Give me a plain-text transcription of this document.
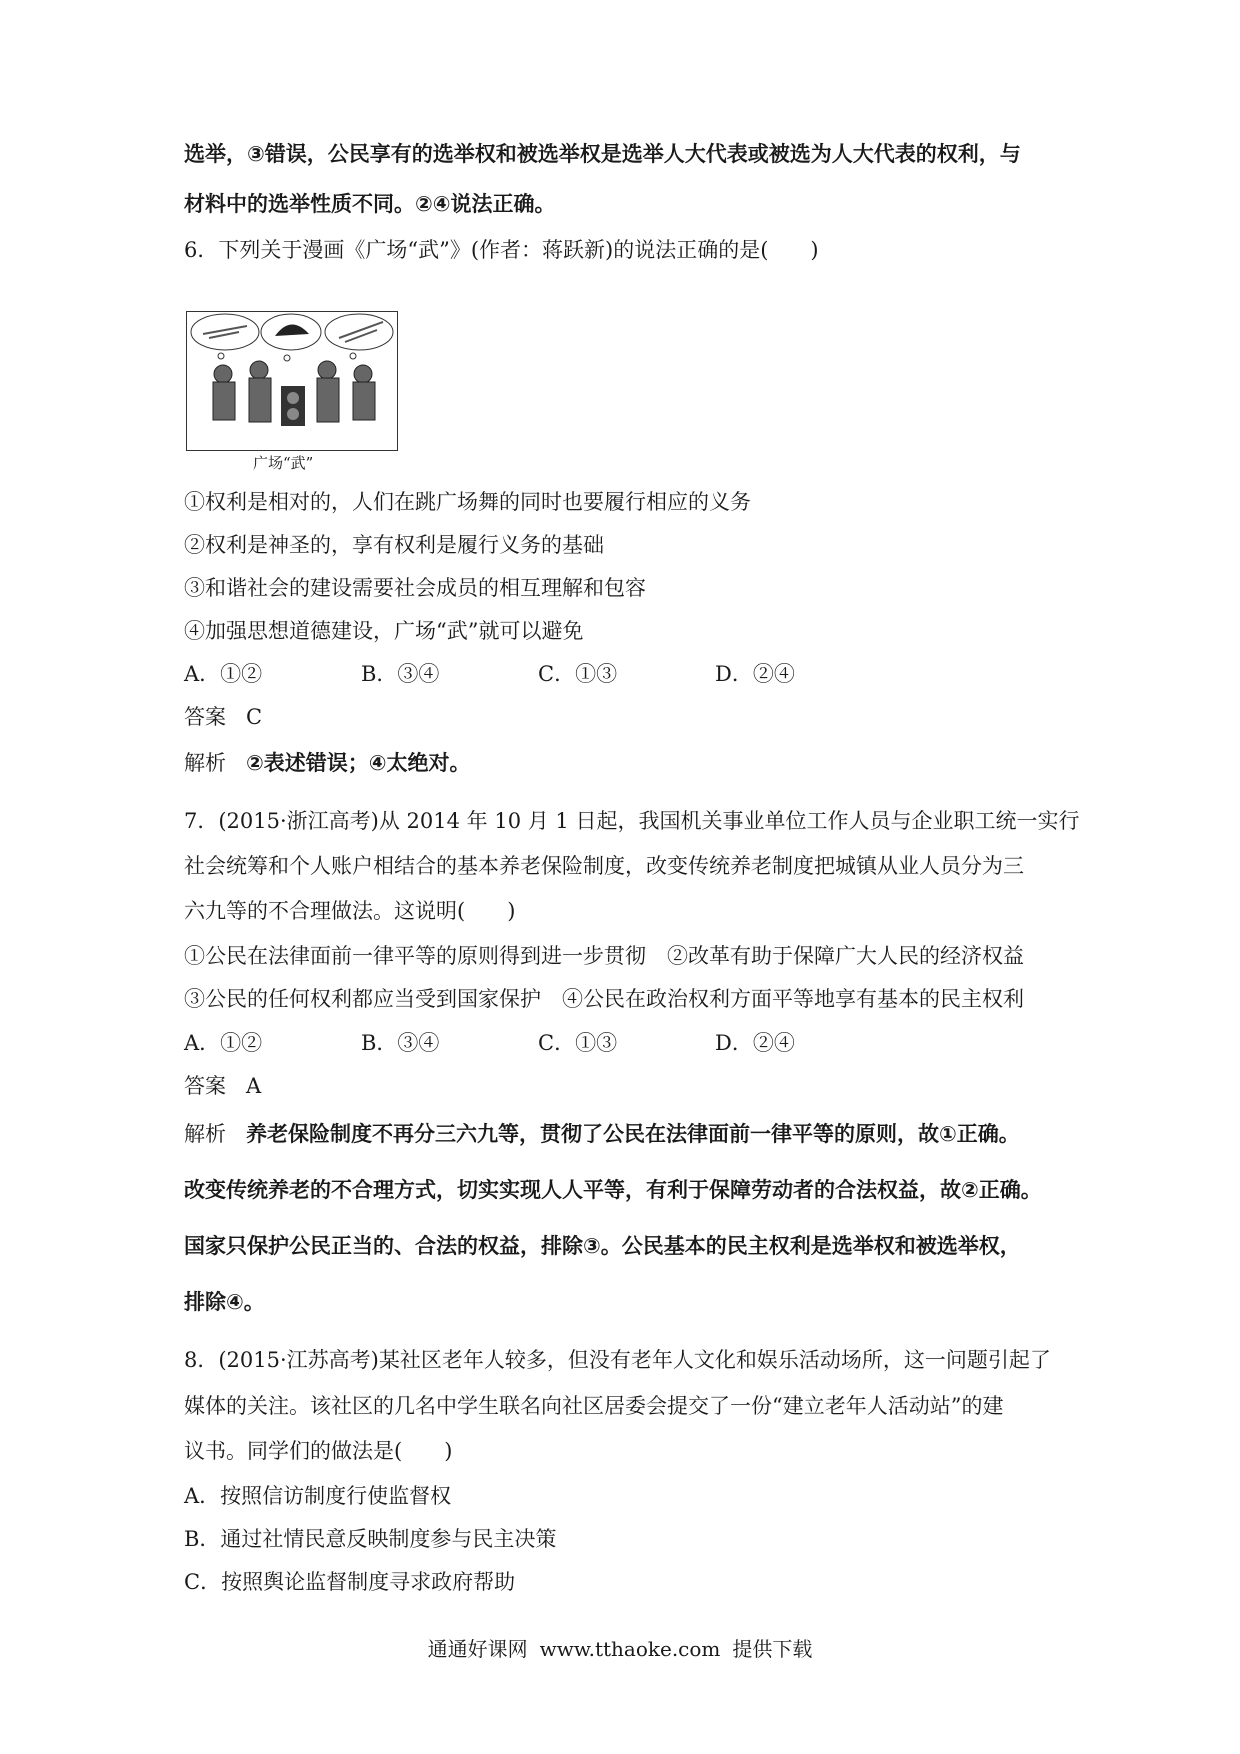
选举，③错误，公民享有的选举权和被选举权是选举人大代表或被选为人大代表的权利，与
材料中的选举性质不同。②④说法正确。
6．下列关于漫画《广场“武”》(作者：蒋跃新)的说法正确的是(　　)
广场“武”
①权利是相对的，人们在跳广场舞的同时也要履行相应的义务
②权利是神圣的，享有权利是履行义务的基础
③和谐社会的建设需要社会成员的相互理解和包容
④加强思想道德建设，广场“武”就可以避免
A．①②	B．③④	C．①③	D．②④
答案 C
解析 ②表述错误；④太绝对。
7．(2015·浙江高考)从 2014 年 10 月 1 日起，我国机关事业单位工作人员与企业职工统一实行
社会统筹和个人账户相结合的基本养老保险制度，改变传统养老制度把城镇从业人员分为三
六九等的不合理做法。这说明(　　)
①公民在法律面前一律平等的原则得到进一步贯彻　②改革有助于保障广大人民的经济权益
③公民的任何权利都应当受到国家保护　④公民在政治权利方面平等地享有基本的民主权利
A．①②	B．③④	C．①③	D．②④
答案 A
解析 养老保险制度不再分三六九等，贯彻了公民在法律面前一律平等的原则，故①正确。
改变传统养老的不合理方式，切实实现人人平等，有利于保障劳动者的合法权益，故②正确。
国家只保护公民正当的、合法的权益，排除③。公民基本的民主权利是选举权和被选举权，
排除④。
8．(2015·江苏高考)某社区老年人较多，但没有老年人文化和娱乐活动场所，这一问题引起了
媒体的关注。该社区的几名中学生联名向社区居委会提交了一份“建立老年人活动站”的建
议书。同学们的做法是(　　)
A．按照信访制度行使监督权
B．通过社情民意反映制度参与民主决策
C．按照舆论监督制度寻求政府帮助
通通好课网 www.tthaoke.com 提供下载
